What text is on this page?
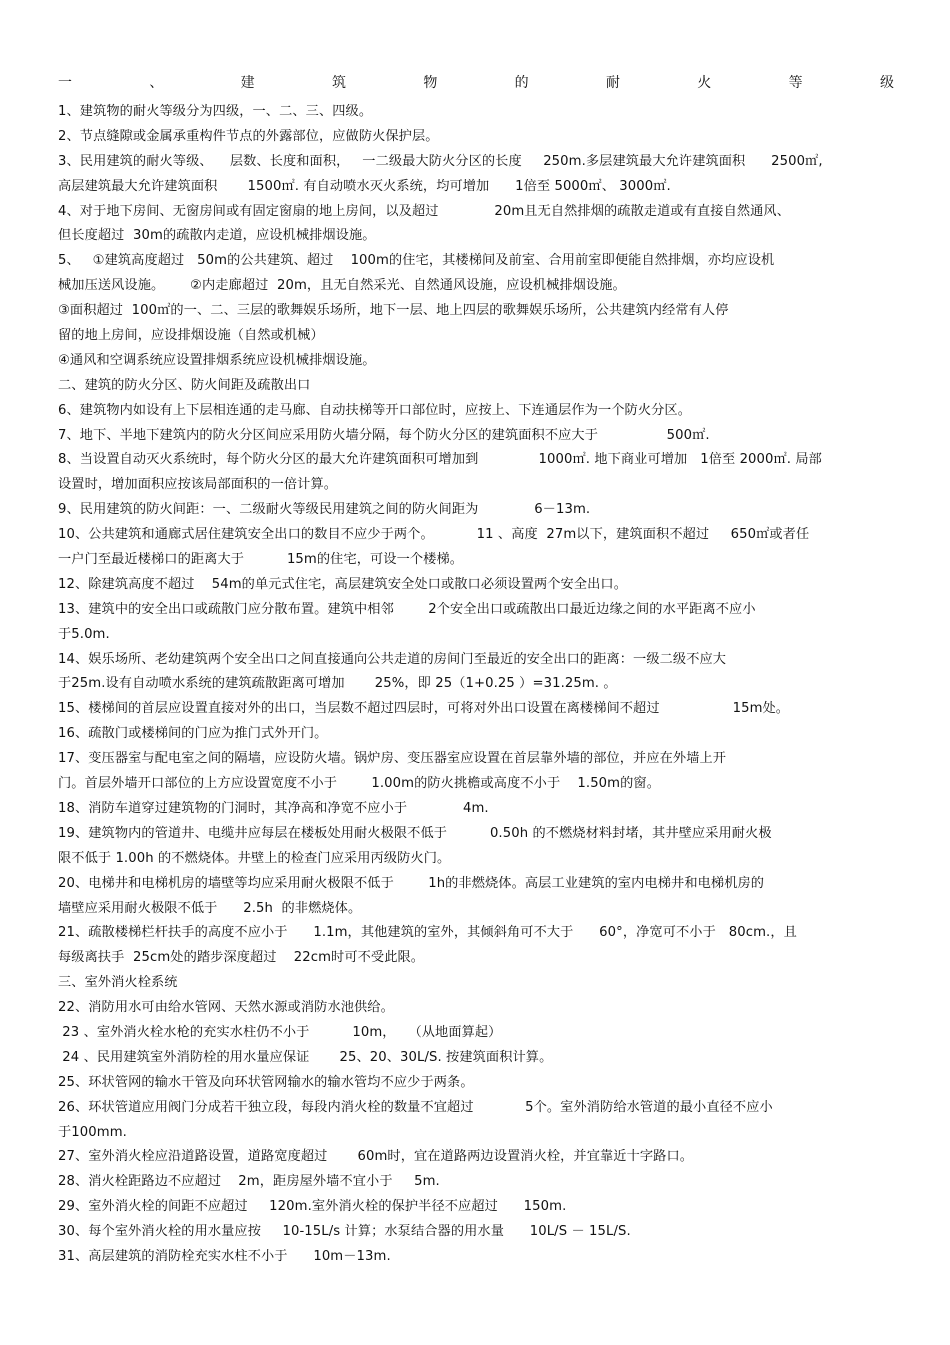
一	、	建	筑	物	的	耐	火	等	级
1、建筑物的耐火等级分为四级，一、二、三、四级。
2、节点缝隙或金属承重构件节点的外露部位，应做防火保护层。
3、民用建筑的耐火等级、    层数、长度和面积，   一二级最大防火分区的长度     250m.多层建筑最大允许建筑面积      2500㎡,
高层建筑最大允许建筑面积       1500㎡. 有自动喷水灭火系统，均可增加      1倍至 5000㎡、 3000㎡.
4、对于地下房间、无窗房间或有固定窗扇的地上房间，以及超过             20m且无自然排烟的疏散走道或有直接自然通风、
但长度超过  30m的疏散内走道，应设机械排烟设施。
5、   ①建筑高度超过   50m的公共建筑、超过    100m的住宅，其楼梯间及前室、合用前室即便能自然排烟，亦均应设机
械加压送风设施。      ②内走廊超过  20m，且无自然采光、自然通风设施，应设机械排烟设施。
③面积超过  100㎡的一、二、三层的歌舞娱乐场所，地下一层、地上四层的歌舞娱乐场所，公共建筑内经常有人停
留的地上房间，应设排烟设施（自然或机械）
④通风和空调系统应设置排烟系统应设机械排烟设施。
二、建筑的防火分区、防火间距及疏散出口
6、建筑物内如设有上下层相连通的走马廊、自动扶梯等开口部位时，应按上、下连通层作为一个防火分区。
7、地下、半地下建筑内的防火分区间应采用防火墙分隔，每个防火分区的建筑面积不应大于                500㎡.
8、当设置自动灭火系统时，每个防火分区的最大允许建筑面积可增加到              1000㎡. 地下商业可增加   1倍至 2000㎡. 局部
设置时，增加面积应按该局部面积的一倍计算。
9、民用建筑的防火间距：一、二级耐火等级民用建筑之间的防火间距为             6－13m.
10、公共建筑和通廊式居住建筑安全出口的数目不应少于两个。          11 、高度  27m以下，建筑面积不超过     650㎡或者任
一户门至最近楼梯口的距离大于          15m的住宅，可设一个楼梯。
12、除建筑高度不超过    54m的单元式住宅，高层建筑安全处口或散口必须设置两个安全出口。
13、建筑中的安全出口或疏散门应分散布置。建筑中相邻        2个安全出口或疏散出口最近边缘之间的水平距离不应小
于5.0m.
14、娱乐场所、老幼建筑两个安全出口之间直接通向公共走道的房间门至最近的安全出口的距离：一级二级不应大
于25m.设有自动喷水系统的建筑疏散距离可增加       25%，即 25（1+0.25 ）=31.25m. 。
15、楼梯间的首层应设置直接对外的出口，当层数不超过四层时，可将对外出口设置在离楼梯间不超过                 15m处。
16、疏散门或楼梯间的门应为推门式外开门。
17、变压器室与配电室之间的隔墙，应设防火墙。锅炉房、变压器室应设置在首层靠外墙的部位，并应在外墙上开
门。首层外墙开口部位的上方应设置宽度不小于        1.00m的防火挑檐或高度不小于    1.50m的窗。
18、消防车道穿过建筑物的门洞时，其净高和净宽不应小于             4m.
19、建筑物内的管道井、电缆井应每层在楼板处用耐火极限不低于          0.50h 的不燃烧材料封堵，其井壁应采用耐火极
限不低于 1.00h 的不燃烧体。井壁上的检查门应采用丙级防火门。
20、电梯井和电梯机房的墙壁等均应采用耐火极限不低于        1h的非燃烧体。高层工业建筑的室内电梯井和电梯机房的
墙壁应采用耐火极限不低于      2.5h  的非燃烧体。
21、疏散楼梯栏杆扶手的高度不应小于      1.1m，其他建筑的室外，其倾斜角可不大于      60°，净宽可不小于   80cm.，且
每级离扶手  25cm处的踏步深度超过    22cm时可不受此限。
三、室外消火栓系统
22、消防用水可由给水管网、天然水源或消防水池供给。
23 、室外消火栓水枪的充实水柱仍不小于          10m，   （从地面算起）
24 、民用建筑室外消防栓的用水量应保证       25、20、30L/S. 按建筑面积计算。
25、环状管网的输水干管及向环状管网输水的输水管均不应少于两条。
26、环状管道应用阀门分成若干独立段，每段内消火栓的数量不宜超过            5个。室外消防给水管道的最小直径不应小
于100mm.
27、室外消火栓应沿道路设置，道路宽度超过       60m时，宜在道路两边设置消火栓，并宜靠近十字路口。
28、消火栓距路边不应超过    2m，距房屋外墙不宜小于     5m.
29、室外消火栓的间距不应超过     120m.室外消火栓的保护半径不应超过      150m.
30、每个室外消火栓的用水量应按     10-15L/s 计算；水泵结合器的用水量      10L/S － 15L/S.
31、高层建筑的消防栓充实水柱不小于      10m－13m.
